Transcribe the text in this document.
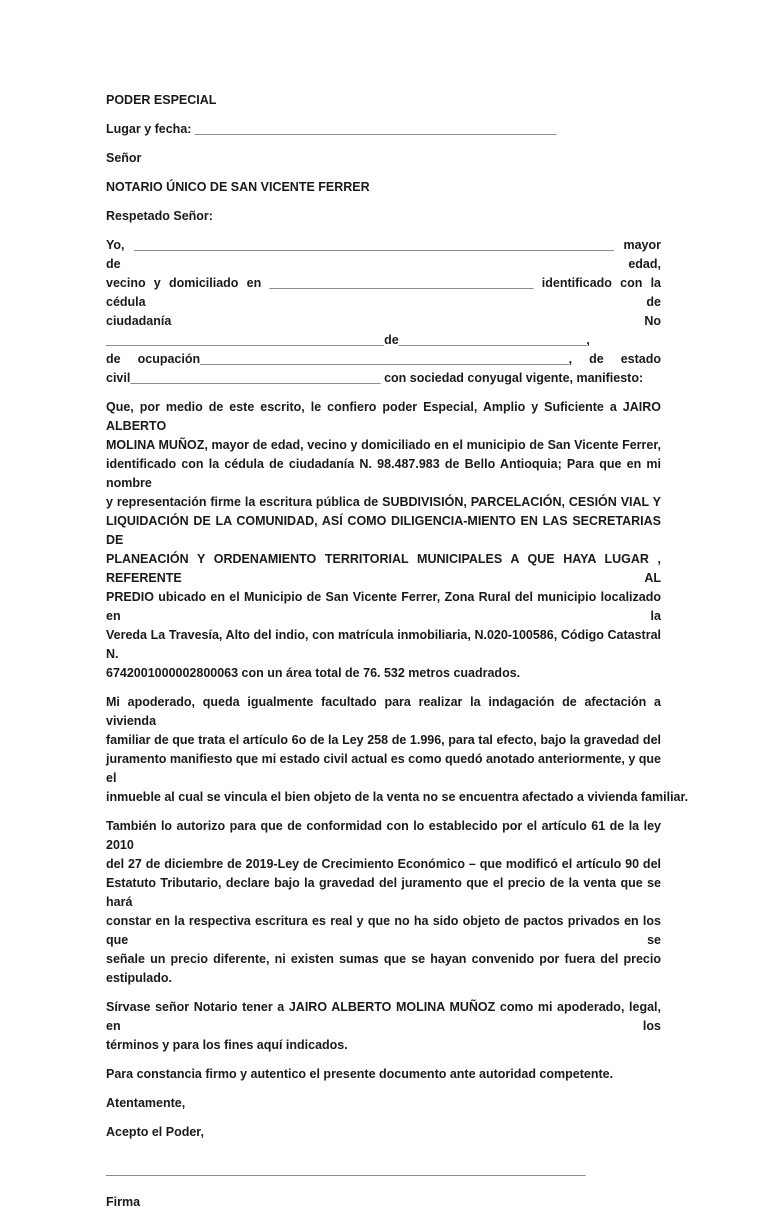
PODER ESPECIAL

Lugar y fecha: ____________________________________________________

Señor

NOTARIO ÚNICO DE SAN VICENTE FERRER

Respetado Señor:

Yo, _____________________________________________________________________ mayor de edad,
vecino y domiciliado en ______________________________________ identificado con la cédula de
ciudadanía No ________________________________________de___________________________,
de ocupación_____________________________________________________, de estado
civil____________________________________ con sociedad conyugal vigente, manifiesto:
Que, por medio de este escrito, le confiero poder Especial, Amplio y Suficiente a JAIRO ALBERTO
MOLINA MUÑOZ, mayor de edad, vecino y domiciliado en el municipio de San Vicente Ferrer,
identificado con la cédula de ciudadanía N. 98.487.983 de Bello Antioquia; Para que en mi nombre
y representación firme la escritura pública de SUBDIVISIÓN, PARCELACIÓN, CESIÓN VIAL Y
LIQUIDACIÓN DE LA COMUNIDAD, ASÍ COMO DILIGENCIA-MIENTO EN LAS SECRETARIAS DE
PLANEACIÓN Y ORDENAMIENTO TERRITORIAL MUNICIPALES A QUE HAYA LUGAR , REFERENTE AL
PREDIO ubicado en el Municipio de San Vicente Ferrer, Zona Rural del municipio localizado en la
Vereda La Travesía, Alto del indio, con matrícula inmobiliaria, N.020-100586, Código Catastral N.
6742001000002800063 con un área total de 76. 532 metros cuadrados.
Mi apoderado, queda igualmente facultado para realizar la indagación de afectación a vivienda
familiar de que trata el artículo 6o de la Ley 258 de 1.996, para tal efecto, bajo la gravedad del
juramento manifiesto que mi estado civil actual es como quedó anotado anteriormente, y que el
inmueble al cual se vincula el bien objeto de la venta no se encuentra afectado a vivienda familiar.
También lo autorizo para que de conformidad con lo establecido por el artículo 61 de la ley 2010
del 27 de diciembre de 2019-Ley de Crecimiento Económico – que modificó el artículo 90 del
Estatuto Tributario, declare bajo la gravedad del juramento que el precio de la venta que se hará
constar en la respectiva escritura es real y que no ha sido objeto de pactos privados en los que se
señale un precio diferente, ni existen sumas que se hayan convenido por fuera del precio
estipulado.
Sírvase señor Notario tener a JAIRO ALBERTO MOLINA MUÑOZ como mi apoderado, legal, en los
términos y para los fines aquí indicados.

Para constancia firmo y autentico el presente documento ante autoridad competente.

Atentamente,

Acepto el Poder,

_____________________________________________________________________

Firma
